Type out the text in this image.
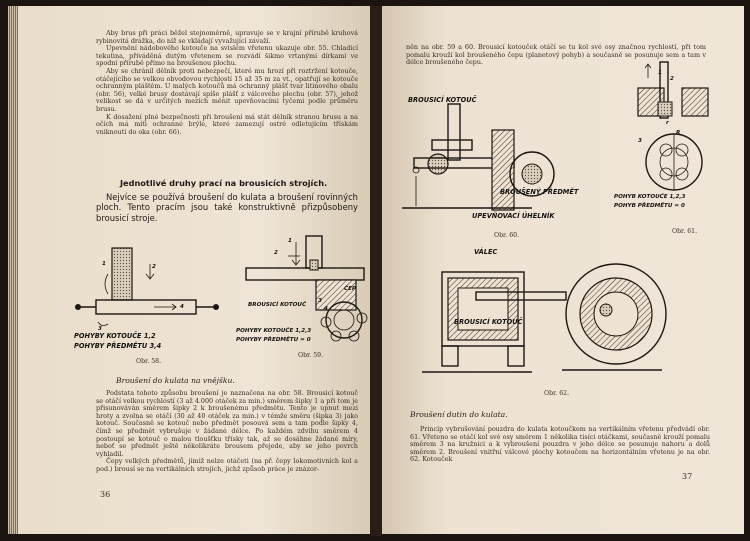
Aby brus při práci běžel stejnoměrně, upravuje se v krajní přírubě kruhová rybinovitá drážka, do níž se vkládají vyvažující závaží.

Upevnění nádobového kotouče na svislém vřetenu ukazuje obr. 55. Chladicí tekutina, přiváděná dutým vřetenem se rozvádí šikmo vrtanými dírkami ve spodní přírubě přímo na broušenou plochu.

Aby se chránil dělník proti nebezpečí, které mu hrozí při roztržení kotouče, otáčejícího se velkou obvodovou rychlostí 15 až 35 m za vt., opatřují se kotouče ochranným pláštěm. U malých kotoučů má ochranný plášť tvar litinového obalu (obr. 56), velké brusy dostávají spíše plášť z válcového plechu (obr. 57), jehož velikost se dá v určitých mezích měnit upevňovacími tyčemi podle průměru brusu.

K dosažení plné bezpečnosti při broušení má stát dělník stranou brusu a na očích má míti ochranné brýle, které zamezují ostré odletujícím třískám vniknouti do oka (obr. 66).

Jednotlivé druhy prací na brousicích strojích.
Nejvíce se používá broušení do kulata a broušení rovinných ploch. Tento pracím jsou také konstruktivně přizpůsobeny brousicí stroje.
1	2
3
4
POHYBY KOTOUČE 1,2
POHYBY PŘEDMĚTU 3,4
Obr. 58.
1
2
3
4
BROUSICÍ KOTOUČ
ČEP
POHYBY KOTOUČE 1,2,3
POHYBY PŘEDMĚTU = 0
Obr. 59.
Broušení do kulata na vnějšku.

Podstata tohoto způsobu broušení je naznačena na obr. 58. Brousicí kotouč se otáčí velkou rychlostí (3 až 4.000 otáček za min.) směrem šipky 1 a při tom je přisunováván směrem šipky 2 k broušenému předmětu. Tento je upnut mezi hroty a zvolna se otáčí (30 až 40 otáček za min.) v témže směru (šipka 3) jako kotouč. Současně se kotouč nebo předmět posouvá sem a tam podle šipky 4, čímž se předmět vybrušuje v žádané délce. Po každém zdvihu směrem 4 postoupí se kotouč o malou tloušťku třísky tak, až se dosáhne žádané míry, neboť se předmět ještě několikráte brousem přejede, aby se jeho povrch vyhladil.

Čepy velkých předmětů, jimiž nelze otáčeti (na př. čepy lokomotivních kol a pod.) brousí se na vertikálních strojích, jichž způsob práce je znázor-

36
něn na obr. 59 a 60. Brousicí kotouček otáčí se tu kol své osy značnou rychlostí, při tom pomalu krouží kol broušeného čepu (planetový pohyb) a současně se posunuje sem a tam v délce broušeného čepu.
BROUSICÍ KOTOUČ
BROUŠENÝ PŘEDMĚT
UPEVŇOVACÍ ÚHELNÍK
Obr. 60.
1
2
3
r
R
POHYB KOTOUČE 1,2,3
POHYB PŘEDMĚTU = 0
Obr. 61.
VÁLEC
BROUSICÍ KOTOUČ
Obr. 62.
Broušení dutin do kulata.
Princip vybrušování pouzdra do kulata kotoučkem na vertikálním vřetenu předvádí obr. 61. Vřeteno se otáčí kol své osy směrem 1 několika tisíci otáčkami, současně krouží pomalu směrem 3 na kružnici a k vybroušení pouzdra v jeho délce se posunuje nahoru a dolů směrem 2. Broušení vnitřní válcové plochy kotoučem na horizontálním vřetenu je na obr. 62. Kotouček
37
